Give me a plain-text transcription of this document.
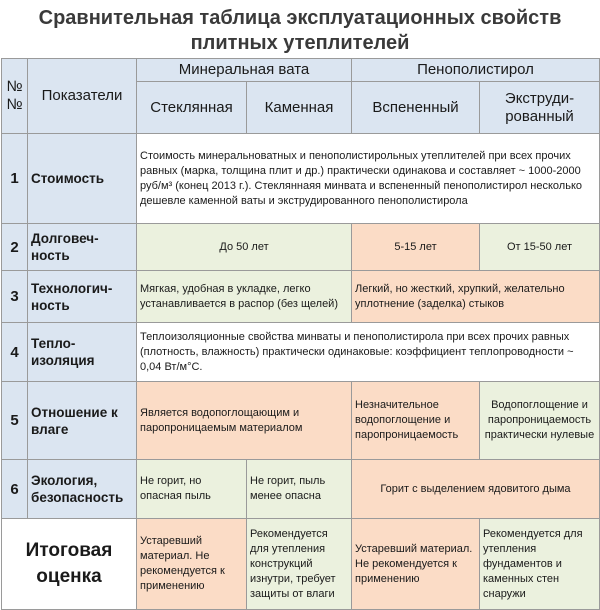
Сравнительная таблица эксплуатационных свойств
плитных утеплителей
№ №	Показатели	Минеральная вата		Пенополистирол	
		Стеклянная	Каменная	Вспененный	Экструди-рованный
1	Стоимость	Стоимость минеральноватных и пенополистирольных утеплителей при всех прочих равных (марка, толщина плит и др.) практически одинакова и составляет ~ 1000-2000 руб/м³ (конец 2013 г.). Стекляннаяя минвата и вспененный пенополистирол несколько дешевле каменной ваты и экструдированного пенополистирола			
2	Долговеч-ность	До 50 лет		5-15 лет	От 15-50 лет
3	Технологич-ность	Мягкая, удобная в укладке, легко устанавливается в распор (без щелей)		Легкий, но жесткий, хрупкий, желательно уплотнение (заделка) стыков	
4	Тепло-изоляция	Теплоизоляционные свойства минваты и пенополистирола при всех прочих равных (плотность, влажность) практически одинаковые: коэффициент теплопроводности ~ 0,04 Вт/м°С.			
5	Отношение к влаге	Является водопоглощающим и паропроницаемым материалом		Незначительное водопоглощение и паропроницаемость	Водопоглощение и паропроницаемость практически нулевые
6	Экология, безопасность	Не горит, но опасная пыль	Не горит, пыль менее опасна	Горит с выделением ядовитого дыма	
Итоговая оценка		Устаревший материал. Не рекомендуется к применению	Рекомендуется для утепления конструкций изнутри, требует защиты от влаги	Устаревший материал. Не рекомендуется к применению	Рекомендуется для утепления фундаментов и каменных стен снаружи
